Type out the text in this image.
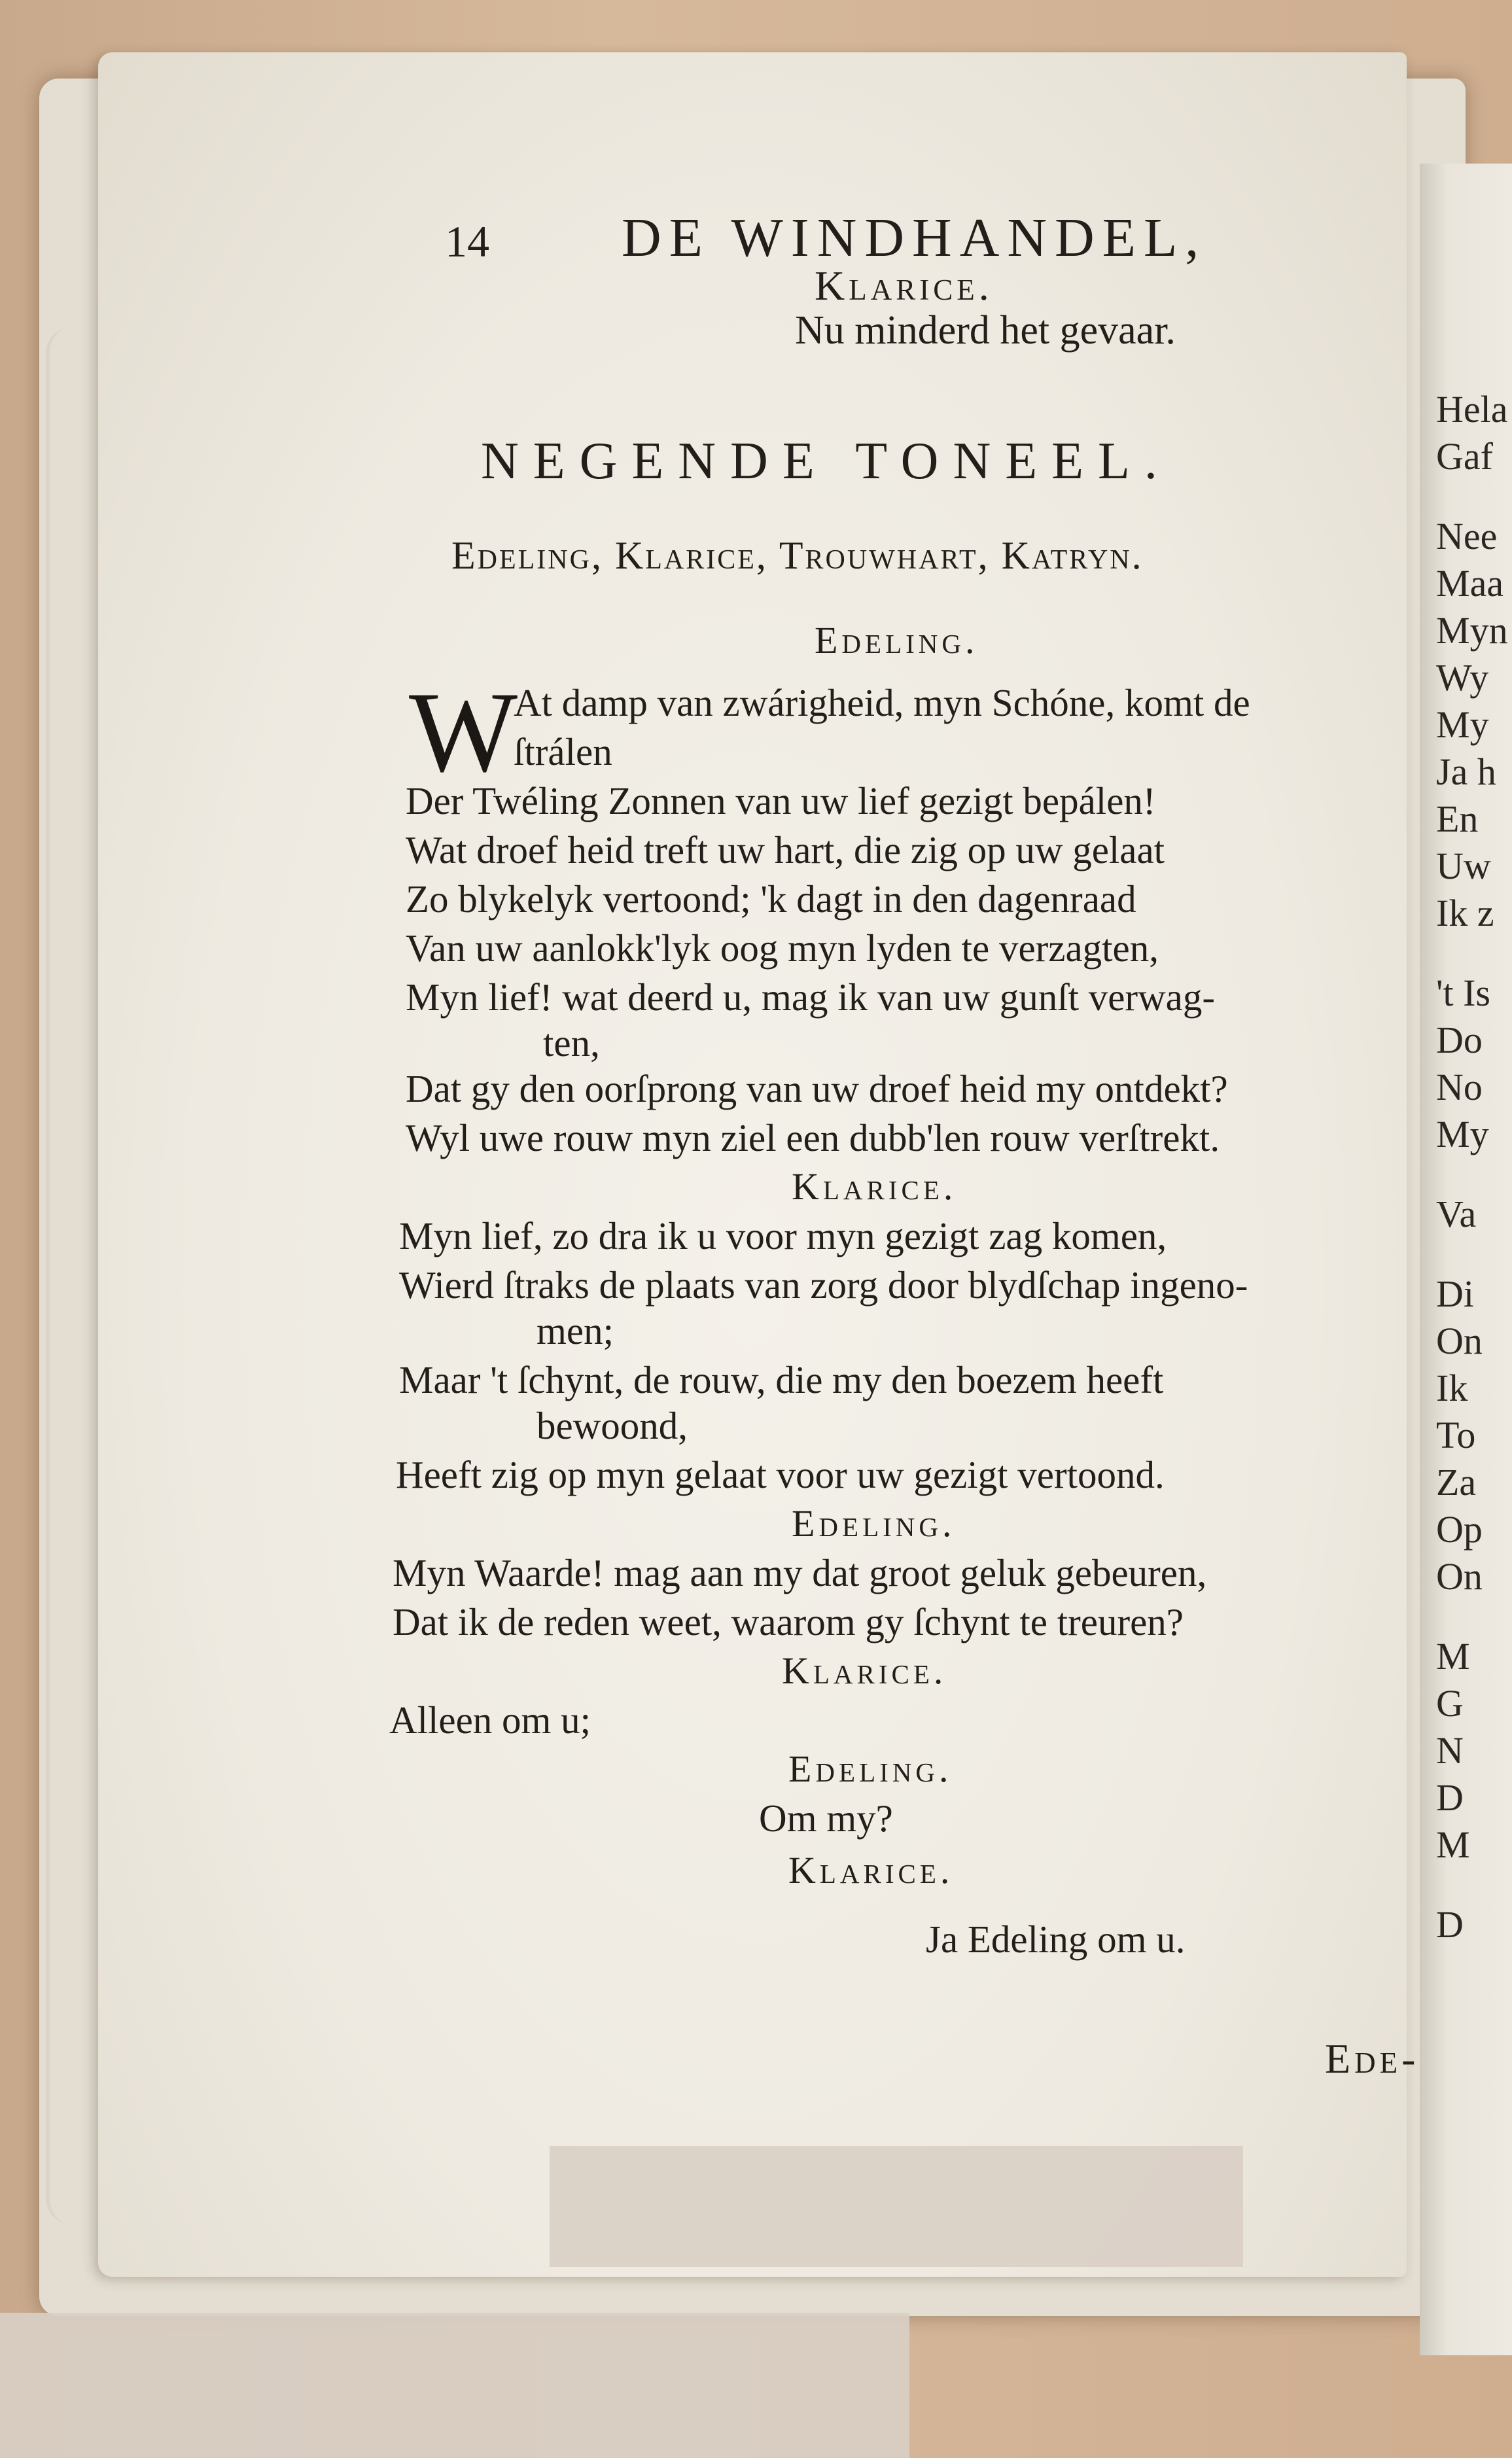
Hela
Gaf
Nee
Maa
Myn
Wy
My
Ja h
En
Uw
Ik z
't Is
Do
No
My
Va
Di
On
Ik
To
Za
Op
On
M
G
N
D
M
D
14 DE WINDHANDEL,
Klarice.
Nu minderd het gevaar.
NEGENDE TONEEL.
Edeling, Klarice, Trouwhart, Katryn.
Edeling.
W
At damp van zwárigheid, myn Schóne, komt de
ſtrálen
Der Twéling Zonnen van uw lief gezigt bepálen!
Wat droef heid treft uw hart, die zig op uw gelaat
Zo blykelyk vertoond; 'k dagt in den dagenraad
Van uw aanlokk'lyk oog myn lyden te verzagten,
Myn lief! wat deerd u, mag ik van uw gunſt verwag-
ten,
Dat gy den oorſprong van uw droef heid my ontdekt?
Wyl uwe rouw myn ziel een dubb'len rouw verſtrekt.
Klarice.
Myn lief, zo dra ik u voor myn gezigt zag komen,
Wierd ſtraks de plaats van zorg door blydſchap ingeno-
men;
Maar 't ſchynt, de rouw, die my den boezem heeft
bewoond,
Heeft zig op myn gelaat voor uw gezigt vertoond.
Edeling.
Myn Waarde! mag aan my dat groot geluk gebeuren,
Dat ik de reden weet, waarom gy ſchynt te treuren?
Klarice.
Alleen om u;
Edeling.
Om my?
Klarice.
Ja Edeling om u.
Ede-
